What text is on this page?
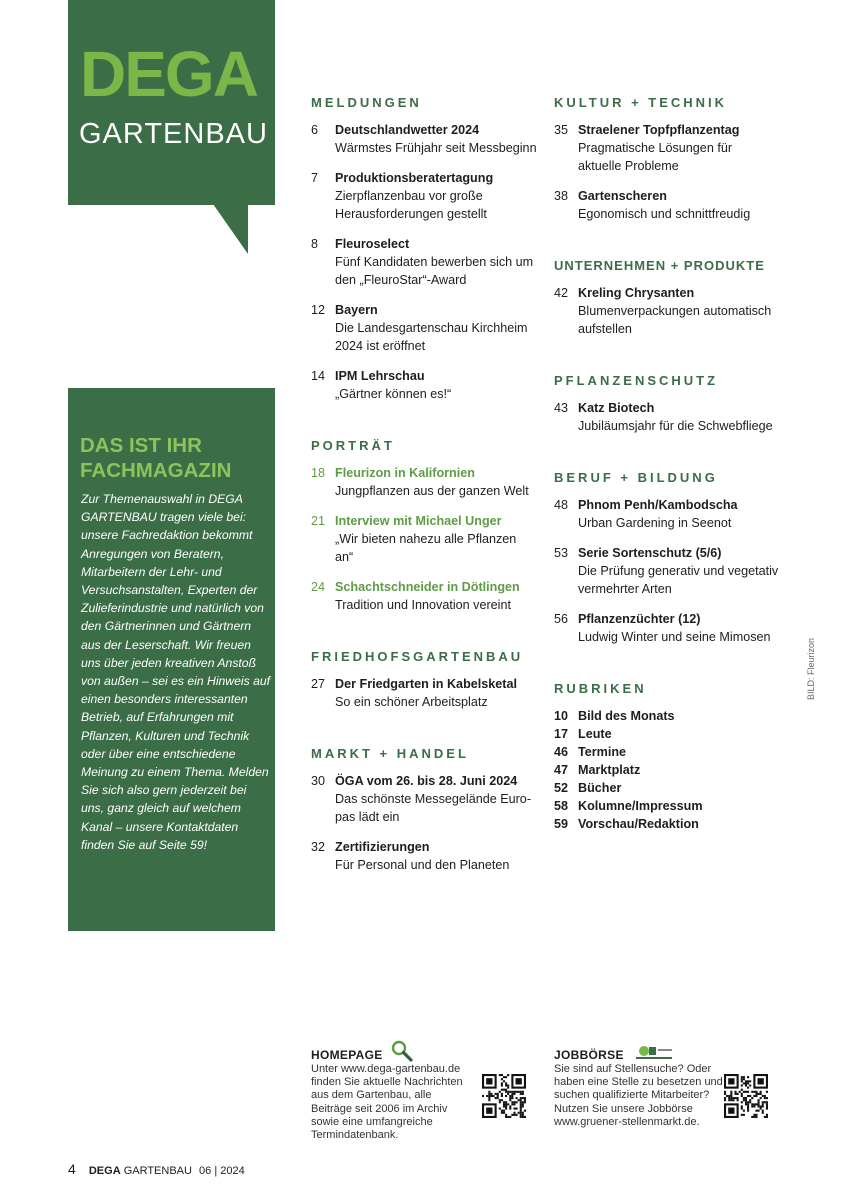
DEGA
GARTENBAU
DAS IST IHR FACHMAGAZIN
Zur Themenauswahl in DEGA GARTENBAU tragen viele bei: unsere Fachredaktion bekommt Anregungen von Beratern, Mitarbeitern der Lehr- und Versuchsanstalten, Experten der Zulieferindustrie und natürlich von den Gärtnerinnen und Gärtnern aus der Leserschaft. Wir freuen uns über jeden kreativen Anstoß von außen – sei es ein Hinweis auf einen besonders interessanten Betrieb, auf Erfahrungen mit Pflanzen, Kulturen und Technik oder über eine entschiedene Meinung zu einem Thema. Melden Sie sich also gern jederzeit bei uns, ganz gleich auf welchem Kanal – unsere Kontaktdaten finden Sie auf Seite 59!
MELDUNGEN
6	Deutschlandwetter 2024
Wärmstes Frühjahr seit Messbeginn
7	Produktionsberatertagung
Zierpflanzenbau vor große
Herausforderungen gestellt
8	Fleuroselect
Fünf Kandidaten bewerben sich um
den „FleuroStar“-Award
12 Bayern
Die Landesgartenschau Kirchheim
2024 ist eröffnet
14 IPM Lehrschau
„Gärtner können es!“
PORTRÄT
18 Fleurizon in Kalifornien
Jungpflanzen aus der ganzen Welt
21 Interview mit Michael Unger
„Wir bieten nahezu alle Pflanzen
an“
24 Schachtschneider in Dötlingen
Tradition und Innovation vereint
FRIEDHOFSGARTENBAU
27 Der Friedgarten in Kabelsketal
So ein schöner Arbeitsplatz
MARKT + HANDEL
30 ÖGA vom 26. bis 28. Juni 2024
Das schönste Messegelände Euro-
pas lädt ein
32 Zertifizierungen
Für Personal und den Planeten
KULTUR + TECHNIK
35 Straelener Topfpflanzentag
Pragmatische Lösungen für
aktuelle Probleme
38 Gartenscheren
Egonomisch und schnittfreudig
UNTERNEHMEN + PRODUKTE
42 Kreling Chrysanten
Blumenverpackungen automatisch
aufstellen
PFLANZENSCHUTZ
43 Katz Biotech
Jubiläumsjahr für die Schwebfliege
BERUF + BILDUNG
48 Phnom Penh/Kambodscha
Urban Gardening in Seenot
53 Serie Sortenschutz (5/6)
Die Prüfung generativ und vegetativ
vermehrter Arten
56 Pflanzenzüchter (12)
Ludwig Winter und seine Mimosen
RUBRIKEN
10 Bild des Monats
17 Leute
46 Termine
47 Marktplatz
52 Bücher
58 Kolumne/Impressum
59 Vorschau/Redaktion
BILD: Fleurizon
HOMEPAGE
Unter www.dega-gartenbau.de finden Sie aktuelle Nachrichten aus dem Gartenbau, alle Beiträge seit 2006 im Archiv sowie eine umfangreiche Termindatenbank.
JOBBÖRSE
Sie sind auf Stellensuche? Oder haben eine Stelle zu besetzen und suchen qualifizierte Mitarbeiter? Nutzen Sie unsere Jobbörse www.gruener-stellenmarkt.de.
4 DEGA GARTENBAU 06 | 2024
